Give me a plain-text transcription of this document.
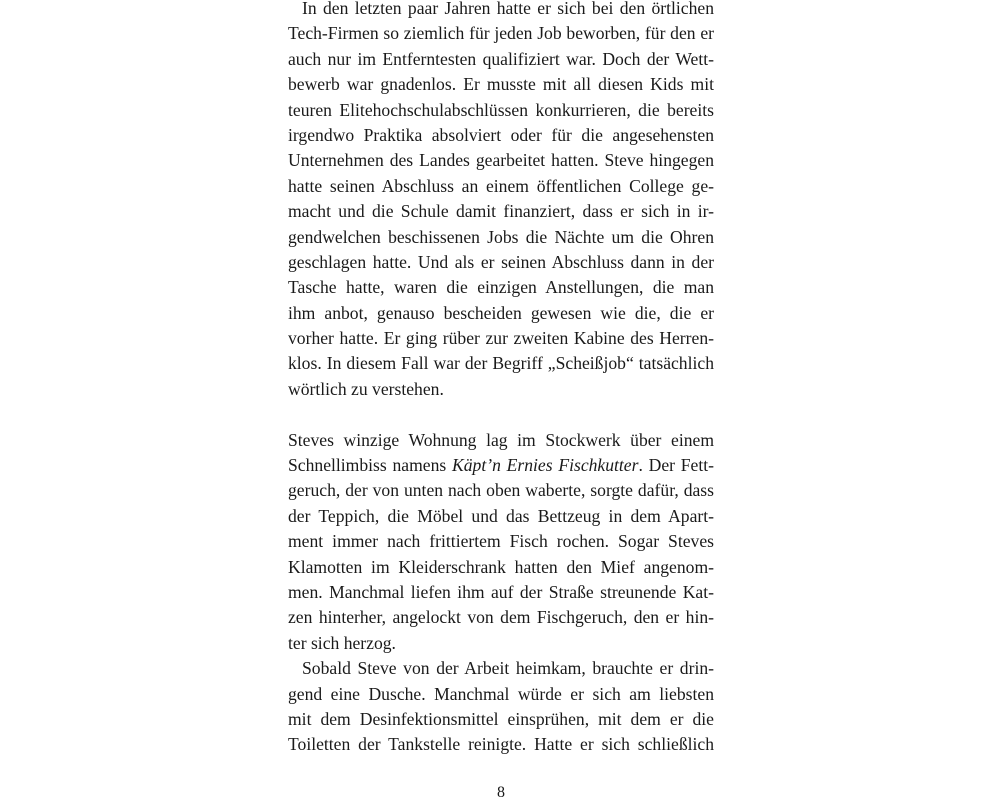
In den letzten paar Jahren hatte er sich bei den örtlichen
Tech-Firmen so ziemlich für jeden Job beworben, für den er
auch nur im Entferntesten qualifiziert war. Doch der Wett-
bewerb war gnadenlos. Er musste mit all diesen Kids mit
teuren Elitehochschulabschlüssen konkurrieren, die bereits
irgendwo Praktika absolviert oder für die angesehensten
Unternehmen des Landes gearbeitet hatten. Steve hingegen
hatte seinen Abschluss an einem öffentlichen College ge-
macht und die Schule damit finanziert, dass er sich in ir-
gendwelchen beschissenen Jobs die Nächte um die Ohren
geschlagen hatte. Und als er seinen Abschluss dann in der
Tasche hatte, waren die einzigen Anstellungen, die man
ihm anbot, genauso bescheiden gewesen wie die, die er
vorher hatte. Er ging rüber zur zweiten Kabine des Herren-
klos. In diesem Fall war der Begriff „Scheißjob“ tatsächlich
wörtlich zu verstehen.
Steves winzige Wohnung lag im Stockwerk über einem
Schnellimbiss namens Käpt’n Ernies Fischkutter. Der Fett-
geruch, der von unten nach oben waberte, sorgte dafür, dass
der Teppich, die Möbel und das Bettzeug in dem Apart-
ment immer nach frittiertem Fisch rochen. Sogar Steves
Klamotten im Kleiderschrank hatten den Mief angenom-
men. Manchmal liefen ihm auf der Straße streunende Kat-
zen hinterher, angelockt von dem Fischgeruch, den er hin-
ter sich herzog.
Sobald Steve von der Arbeit heimkam, brauchte er drin-
gend eine Dusche. Manchmal würde er sich am liebsten
mit dem Desinfektionsmittel einsprühen, mit dem er die
Toiletten der Tankstelle reinigte. Hatte er sich schließlich
8
